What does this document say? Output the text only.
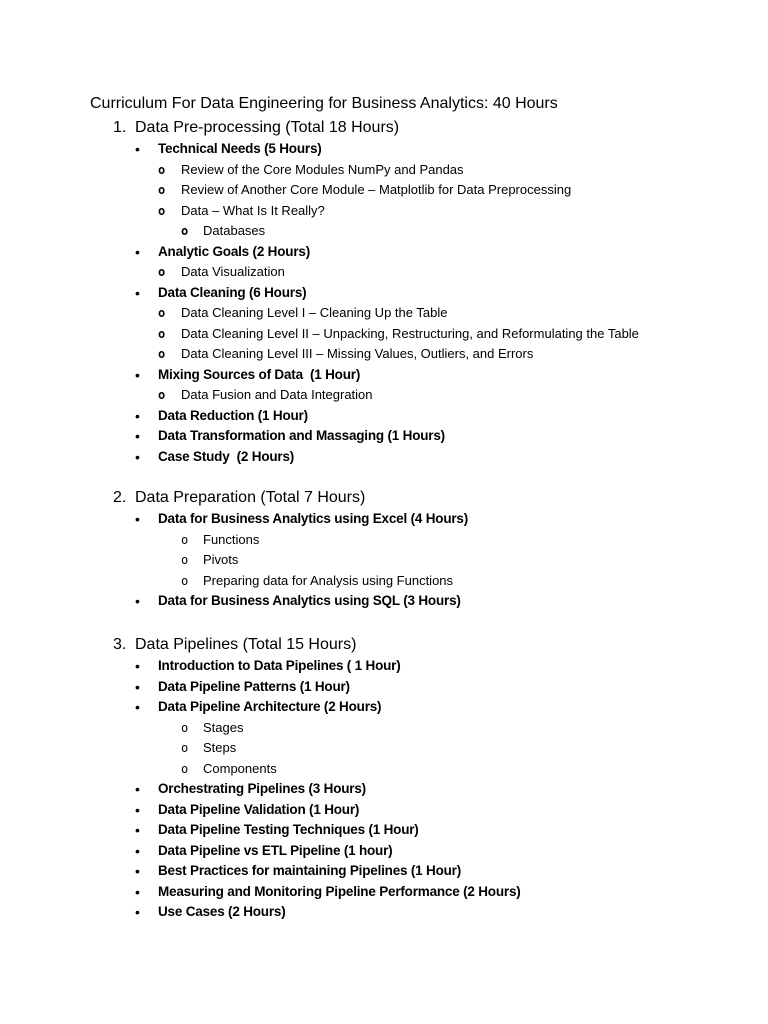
Curriculum For Data Engineering for Business Analytics: 40 Hours
1. Data Pre-processing (Total 18 Hours)
• Technical Needs (5 Hours)
o Review of the Core Modules NumPy and Pandas
o Review of Another Core Module – Matplotlib for Data Preprocessing
o Data – What Is It Really?
o Databases
• Analytic Goals (2 Hours)
o Data Visualization
• Data Cleaning (6 Hours)
o Data Cleaning Level I – Cleaning Up the Table
o Data Cleaning Level II – Unpacking, Restructuring, and Reformulating the Table
o Data Cleaning Level III – Missing Values, Outliers, and Errors
• Mixing Sources of Data  (1 Hour)
o Data Fusion and Data Integration
• Data Reduction (1 Hour)
• Data Transformation and Massaging (1 Hours)
• Case Study  (2 Hours)
2. Data Preparation (Total 7 Hours)
• Data for Business Analytics using Excel (4 Hours)
o Functions
o Pivots
o Preparing data for Analysis using Functions
• Data for Business Analytics using SQL (3 Hours)
3. Data Pipelines (Total 15 Hours)
• Introduction to Data Pipelines ( 1 Hour)
• Data Pipeline Patterns (1 Hour)
• Data Pipeline Architecture (2 Hours)
o Stages
o Steps
o Components
• Orchestrating Pipelines (3 Hours)
• Data Pipeline Validation (1 Hour)
• Data Pipeline Testing Techniques (1 Hour)
• Data Pipeline vs ETL Pipeline (1 hour)
• Best Practices for maintaining Pipelines (1 Hour)
• Measuring and Monitoring Pipeline Performance (2 Hours)
• Use Cases (2 Hours)
